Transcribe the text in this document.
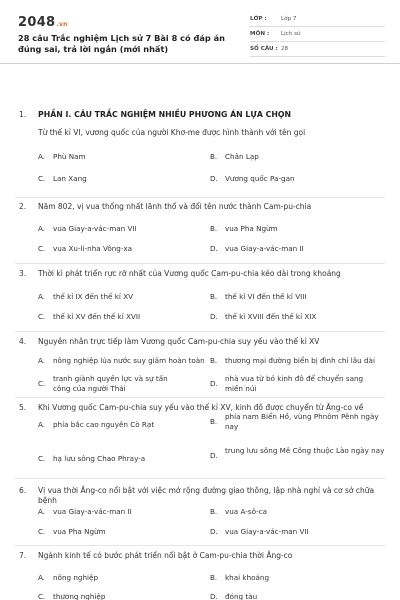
2048.vn
28 câu Trắc nghiệm Lịch sử 7 Bài 8 có đáp án đúng sai, trả lời ngắn (mới nhất)
LỚP :	Lớp 7
MÔN :	Lịch sử
SỐ CÂU : 28
1. PHẦN I. CÂU TRẮC NGHIỆM NHIỀU PHƯƠNG ÁN LỰA CHỌN
Từ thế kỉ VI, vương quốc của người Khơ-me được hình thành với tên gọi
A.	Phù Nam	B.	Chân Lạp
C.	Lan Xang	D. Vương quốc Pa-gan
2. Năm 802, vị vua thống nhất lãnh thổ và đổi tên nước thành Cam-pu-chia
A.	vua Giay-a-vác-man VII	B.	vua Pha Ngừm
C.	vua Xu-li-nha Vông-xa	D. vua Giay-a-vác-man II
3. Thời kì phát triển rực rỡ nhất của Vương quốc Cam-pu-chia kéo dài trong khoảng
A.	thế kỉ IX đến thế kỉ XV	B.	thế kỉ VI đến thế kỉ VIII
C.	thế kỉ XV đến thế kỉ XVII	D. thế kỉ XVIII đến thế kỉ XIX
4. Nguyên nhân trực tiếp làm Vương quốc Cam-pu-chia suy yếu vào thế kỉ XV
A.	nông nghiệp lúa nước suy giảm hoàn toàn B.	thương mại đường biển bị đình chỉ lâu dài
C.
tranh giành quyền lực và sự tấn công của người Thái
D.
nhà vua từ bỏ kinh đô để chuyển sang miền núi
5. Khi Vương quốc Cam-pu-chia suy yếu vào thế kỉ XV, kinh đô được chuyển từ Ăng-co về
A.	phía bắc cao nguyên Cò Rạt	B.
phía nam Biển Hồ, vùng Phnôm Pênh ngày nay
C.	hạ lưu sông Chao Phray-a	D.
trung lưu sông Mê Công thuộc Lào ngày nay
6. Vị vua thời Ăng-co nổi bật với việc mở rộng đường giao thông, lập nhà nghỉ và cơ sở chữa bệnh
A.	vua Giay-a-vác-man II	B.	vua A-sô-ca
C.	vua Pha Ngừm	D. vua Giay-a-vác-man VII
7. Ngành kinh tế có bước phát triển nổi bật ở Cam-pu-chia thời Ăng-co
A.	nông nghiệp	B.	khai khoáng
C.	thương nghiệp	D. đóng tàu
